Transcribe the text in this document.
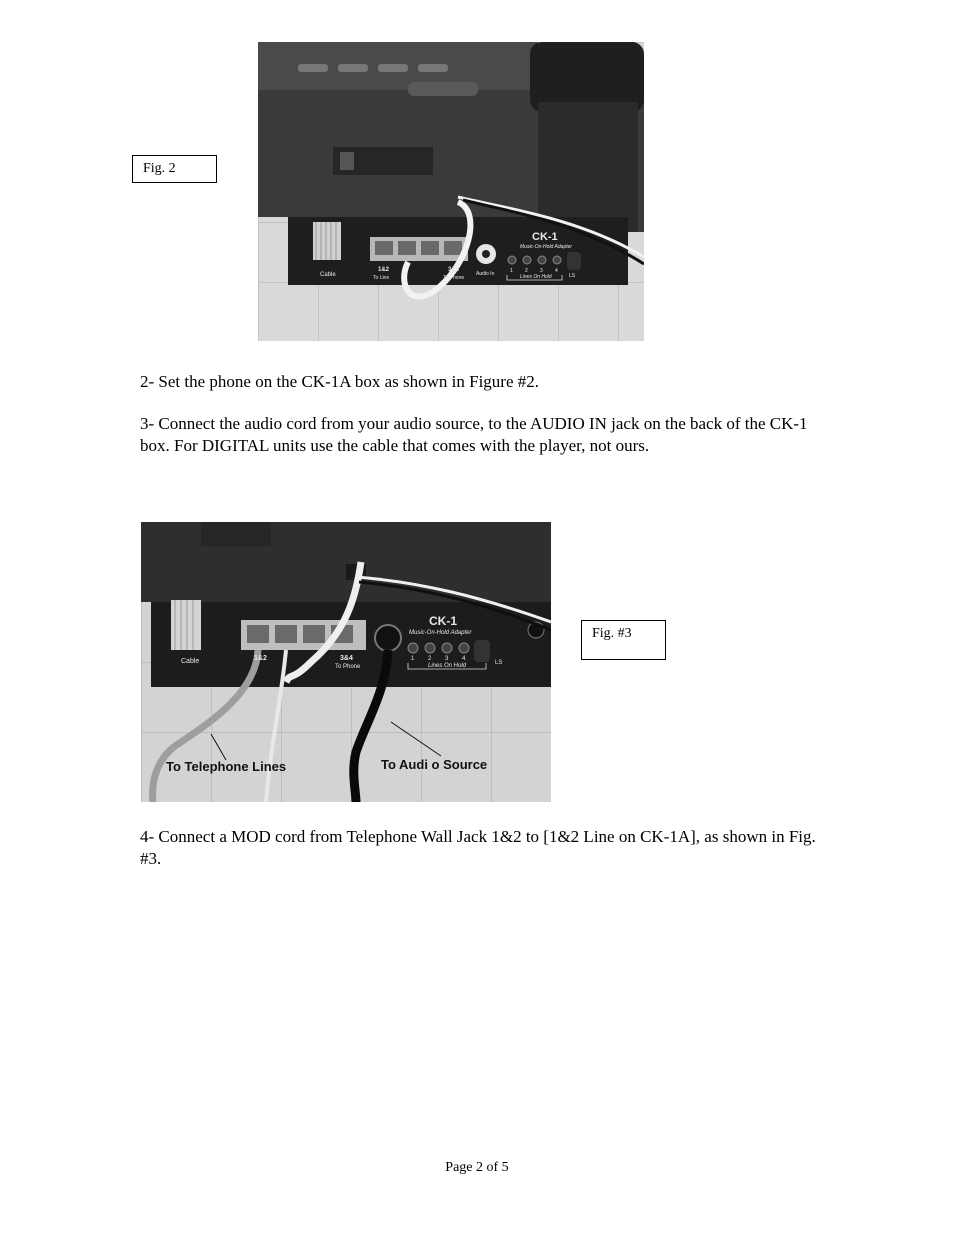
Fig. 2
CK-1
Music-On-Hold Adapter
Cable
1&2
To Line
3&4
To Phone
Audio In	1 2 3 4
Lines On Hold	LS
2- Set the phone on the CK-1A box as shown in Figure #2.
3- Connect the audio cord from your audio source, to the AUDIO IN jack on the back of the CK-1 box. For DIGITAL units use the cable that comes with the player, not ours.
CK-1
Music-On-Hold Adapter
Cable	1&2	3&4
To Phone
1 2 3 4
Lines On Hold	LS
To Telephone Lines	To Audi o Source
Fig. #3
4- Connect a MOD cord from Telephone Wall Jack 1&2 to [1&2 Line on CK-1A], as shown in Fig. #3.
Page 2 of 5
